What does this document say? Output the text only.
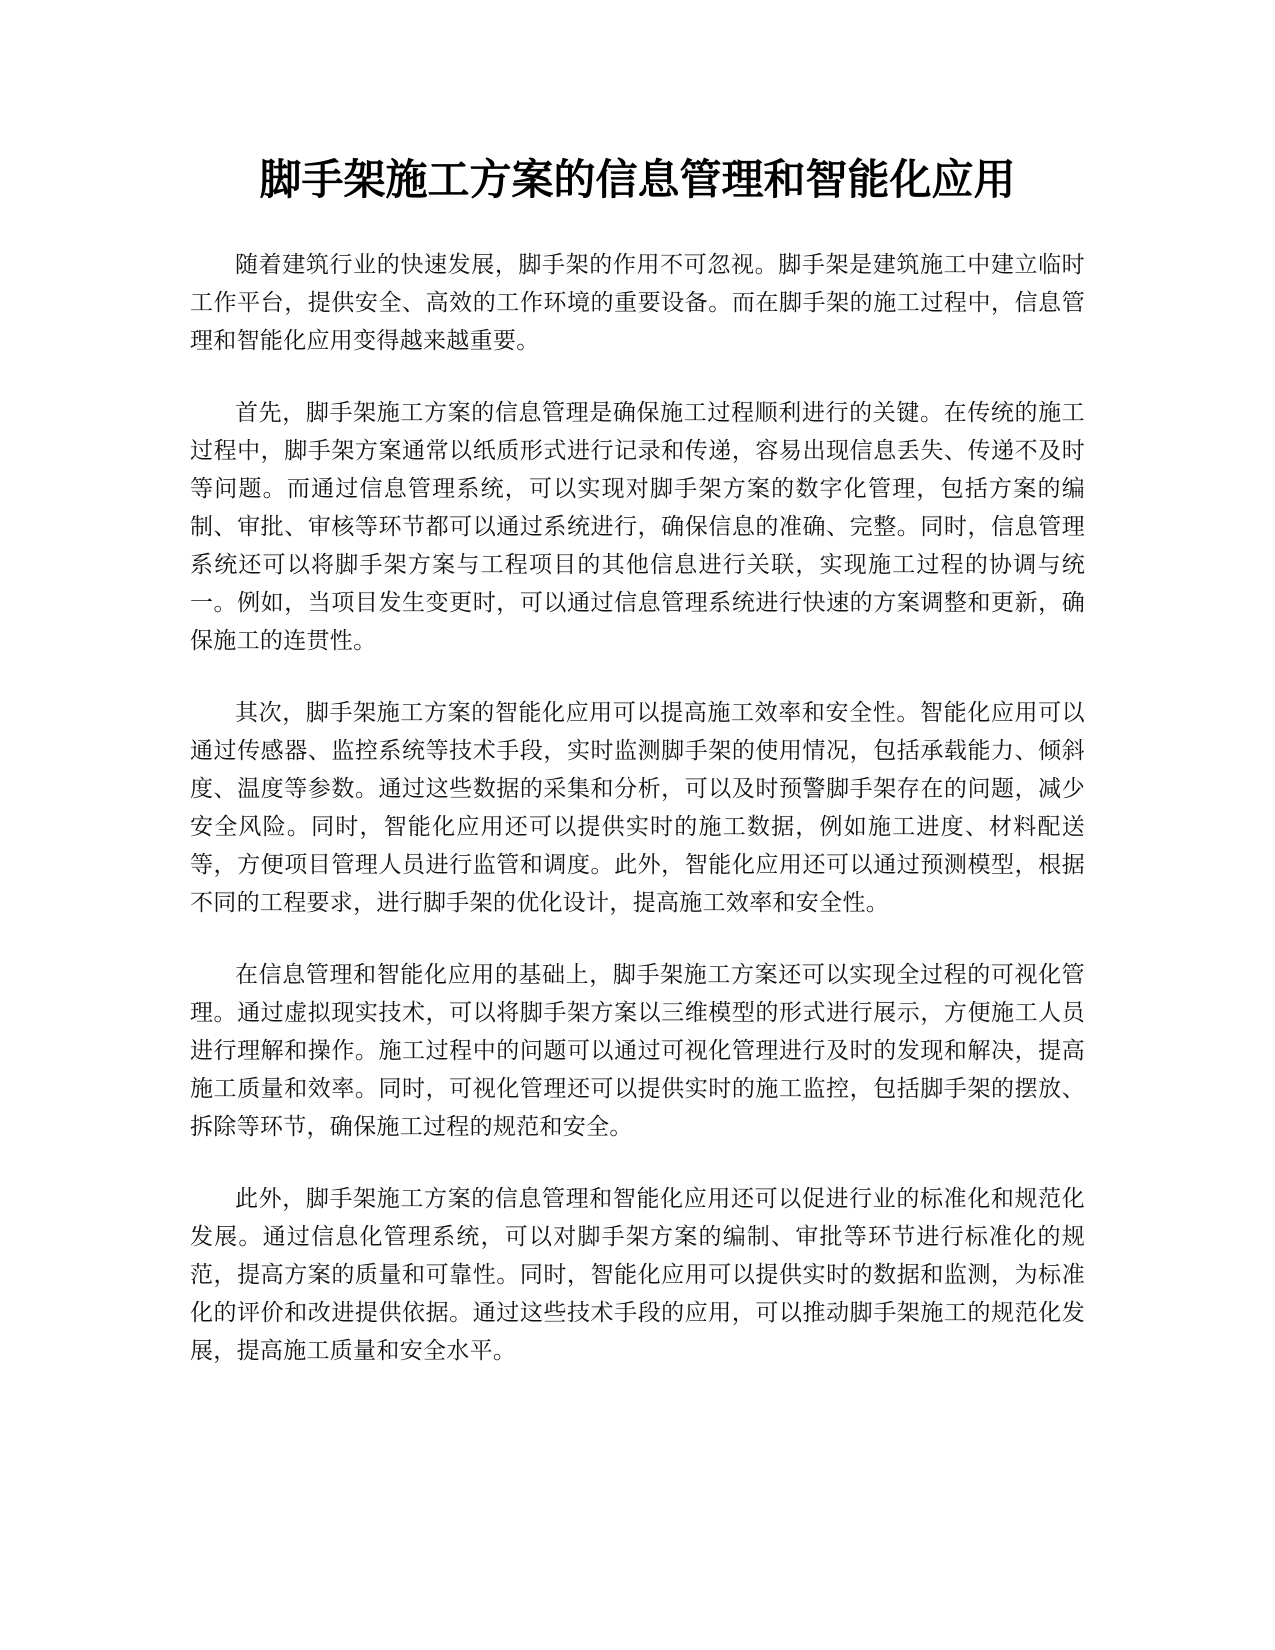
脚手架施工方案的信息管理和智能化应用

随着建筑行业的快速发展，脚手架的作用不可忽视。脚手架是建筑施工中建立临时工作平台，提供安全、高效的工作环境的重要设备。而在脚手架的施工过程中，信息管理和智能化应用变得越来越重要。

首先，脚手架施工方案的信息管理是确保施工过程顺利进行的关键。在传统的施工过程中，脚手架方案通常以纸质形式进行记录和传递，容易出现信息丢失、传递不及时等问题。而通过信息管理系统，可以实现对脚手架方案的数字化管理，包括方案的编制、审批、审核等环节都可以通过系统进行，确保信息的准确、完整。同时，信息管理系统还可以将脚手架方案与工程项目的其他信息进行关联，实现施工过程的协调与统一。例如，当项目发生变更时，可以通过信息管理系统进行快速的方案调整和更新，确保施工的连贯性。

其次，脚手架施工方案的智能化应用可以提高施工效率和安全性。智能化应用可以通过传感器、监控系统等技术手段，实时监测脚手架的使用情况，包括承载能力、倾斜度、温度等参数。通过这些数据的采集和分析，可以及时预警脚手架存在的问题，减少安全风险。同时，智能化应用还可以提供实时的施工数据，例如施工进度、材料配送等，方便项目管理人员进行监管和调度。此外，智能化应用还可以通过预测模型，根据不同的工程要求，进行脚手架的优化设计，提高施工效率和安全性。

在信息管理和智能化应用的基础上，脚手架施工方案还可以实现全过程的可视化管理。通过虚拟现实技术，可以将脚手架方案以三维模型的形式进行展示，方便施工人员进行理解和操作。施工过程中的问题可以通过可视化管理进行及时的发现和解决，提高施工质量和效率。同时，可视化管理还可以提供实时的施工监控，包括脚手架的摆放、拆除等环节，确保施工过程的规范和安全。

此外，脚手架施工方案的信息管理和智能化应用还可以促进行业的标准化和规范化发展。通过信息化管理系统，可以对脚手架方案的编制、审批等环节进行标准化的规范，提高方案的质量和可靠性。同时，智能化应用可以提供实时的数据和监测，为标准化的评价和改进提供依据。通过这些技术手段的应用，可以推动脚手架施工的规范化发展，提高施工质量和安全水平。
